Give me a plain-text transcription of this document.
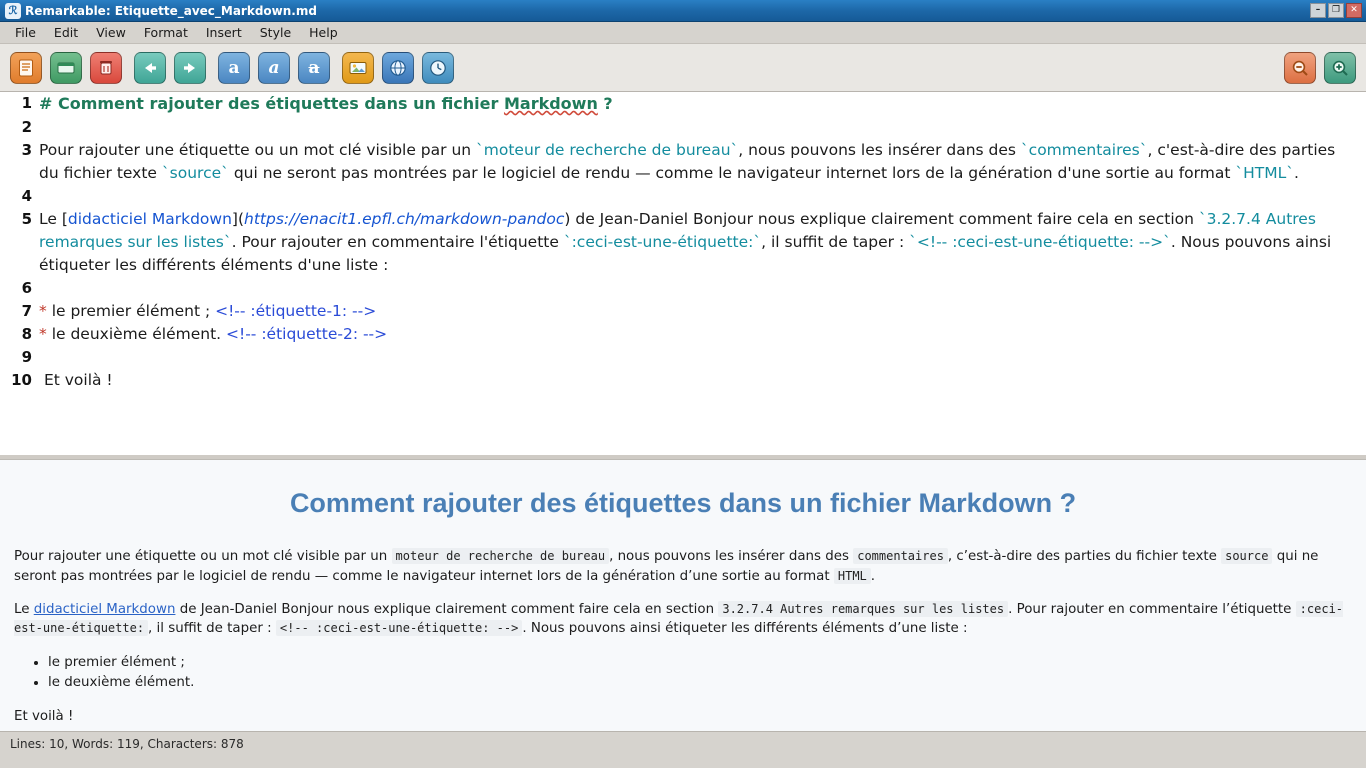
ℛ Remarkable: Etiquette_avec_Markdown.md	–	❐	✕
File	Edit	View	Format	Insert	Style	Help
a a a
1 # Comment rajouter des étiquettes dans un fichier Markdown ?
2

3 Pour rajouter une étiquette ou un mot clé visible par un `moteur de recherche de bureau`, nous pouvons les insérer dans des `commentaires`, c'est-à-dire des parties du fichier texte `source` qui ne seront pas montrées par le logiciel de rendu — comme le navigateur internet lors de la génération d'une sortie au format `HTML`.
4

5 Le [didacticiel Markdown](https://enacit1.epfl.ch/markdown-pandoc) de Jean-Daniel Bonjour nous explique clairement comment faire cela en section `3.2.7.4 Autres remarques sur les listes`. Pour rajouter en commentaire l'étiquette `:ceci-est-une-étiquette:`, il suffit de taper : `<!-- :ceci-est-une-étiquette: -->`. Nous pouvons ainsi étiqueter les différents éléments d'une liste :
6

7 * le premier élément ; <!-- :étiquette-1: -->
8 * le deuxième élément. <!-- :étiquette-2: -->
9

10 Et voilà !
Comment rajouter des étiquettes dans un fichier Markdown ?

Pour rajouter une étiquette ou un mot clé visible par un moteur de recherche de bureau , nous pouvons les insérer dans des commentaires , c’est-à-dire des parties du fichier texte source qui ne seront pas montrées par le logiciel de rendu — comme le navigateur internet lors de la génération d’une sortie au format HTML .

Le didacticiel Markdown de Jean-Daniel Bonjour nous explique clairement comment faire cela en section 3.2.7.4 Autres remarques sur les listes . Pour rajouter en commentaire l’étiquette :ceci-est-une-étiquette: , il suffit de taper : <!-- :ceci-est-une-étiquette: --> . Nous pouvons ainsi étiqueter les différents éléments d’une liste :

• le premier élément ;
• le deuxième élément.

Et voilà !

Lines: 10, Words: 119, Characters: 878
